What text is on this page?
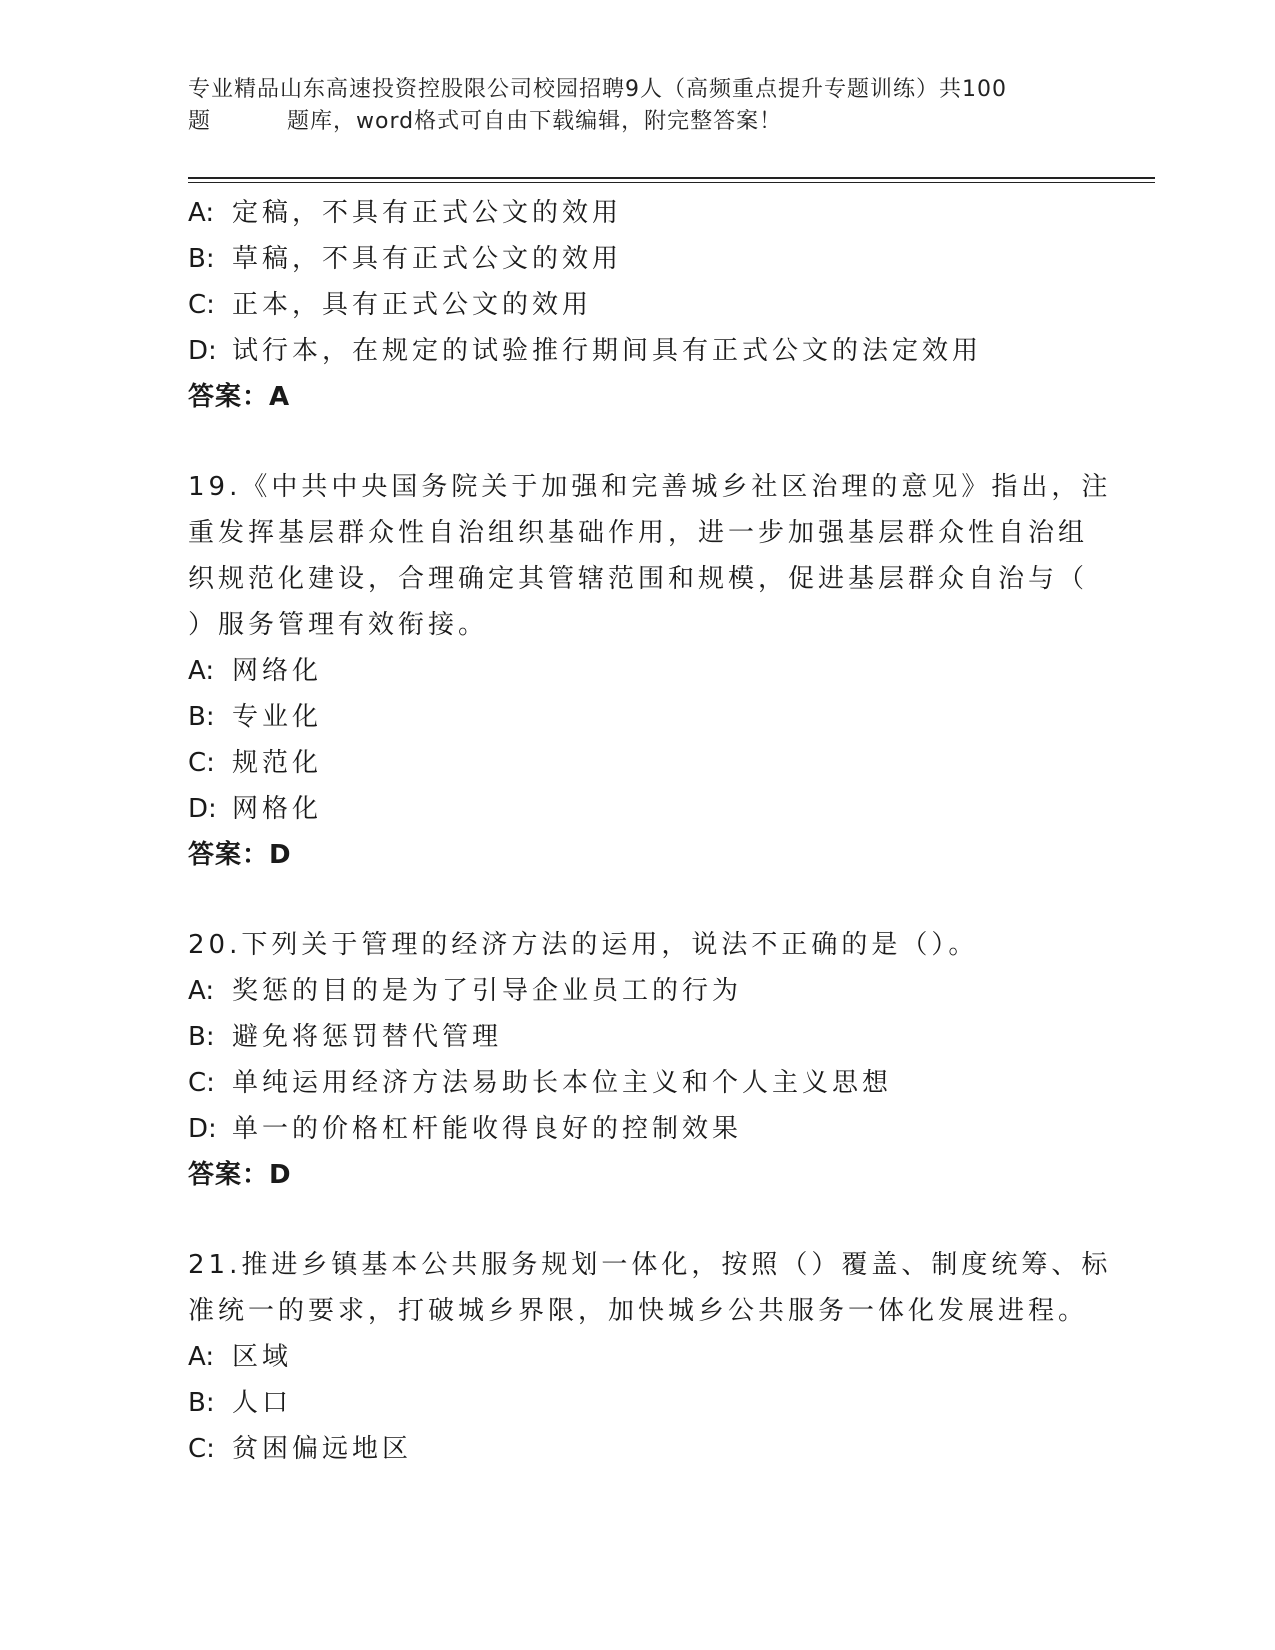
专业精品山东高速投资控股限公司校园招聘9人（高频重点提升专题训练）共100
题	题库，word格式可自由下载编辑，附完整答案！
A: 定稿，不具有正式公文的效用
B: 草稿，不具有正式公文的效用
C: 正本，具有正式公文的效用
D: 试行本，在规定的试验推行期间具有正式公文的法定效用
答案：A
19.《中共中央国务院关于加强和完善城乡社区治理的意见》指出，注
重发挥基层群众性自治组织基础作用，进一步加强基层群众性自治组
织规范化建设，合理确定其管辖范围和规模，促进基层群众自治与（
）服务管理有效衔接。
A: 网络化
B: 专业化
C: 规范化
D: 网格化
答案：D
20.下列关于管理的经济方法的运用，说法不正确的是（）。
A: 奖惩的目的是为了引导企业员工的行为
B: 避免将惩罚替代管理
C: 单纯运用经济方法易助长本位主义和个人主义思想
D: 单一的价格杠杆能收得良好的控制效果
答案：D
21.推进乡镇基本公共服务规划一体化，按照（）覆盖、制度统筹、标
准统一的要求，打破城乡界限，加快城乡公共服务一体化发展进程。
A: 区域
B: 人口
C: 贫困偏远地区
